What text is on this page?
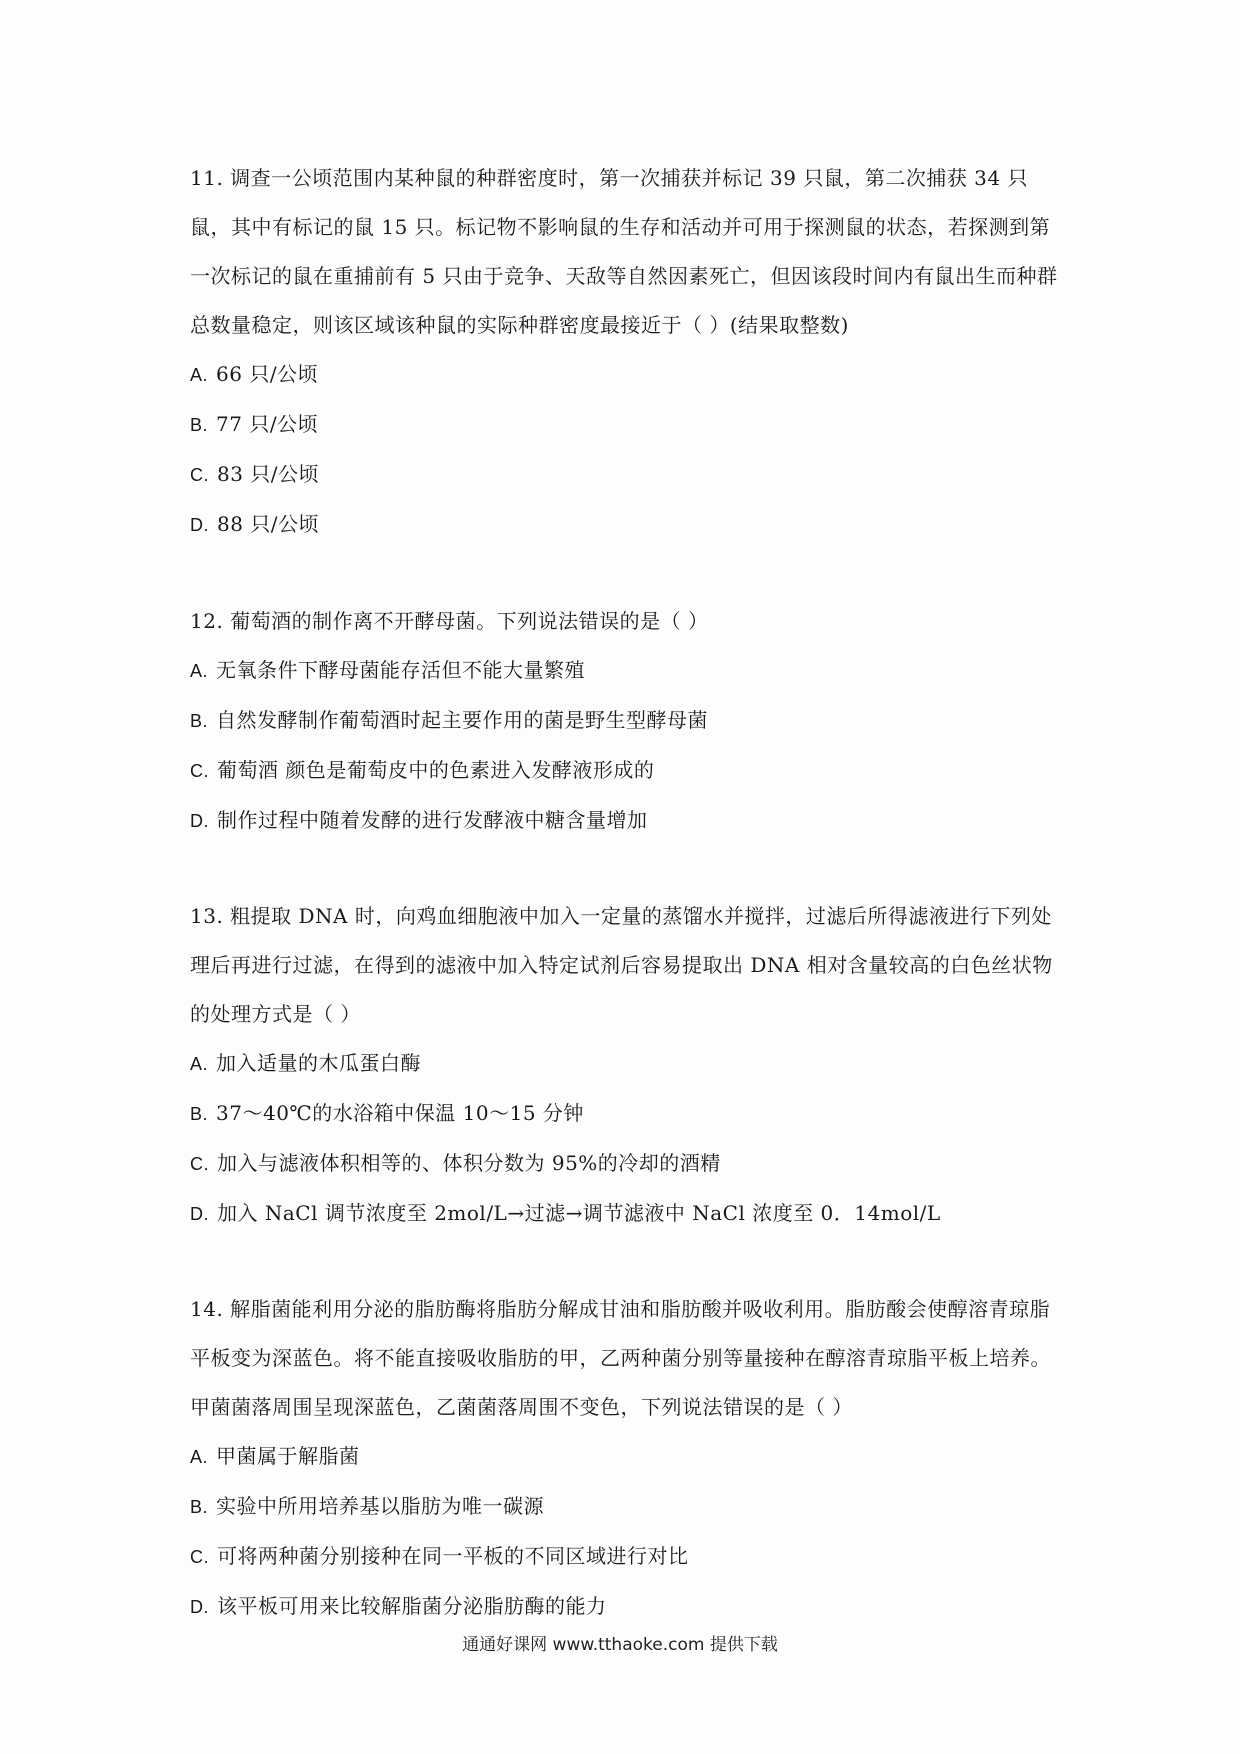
11. 调查一公顷范围内某种鼠的种群密度时，第一次捕获并标记 39 只鼠，第二次捕获 34 只鼠，其中有标记的鼠 15 只。标记物不影响鼠的生存和活动并可用于探测鼠的状态，若探测到第一次标记的鼠在重捕前有 5 只由于竞争、天敌等自然因素死亡，但因该段时间内有鼠出生而种群总数量稳定，则该区域该种鼠的实际种群密度最接近于（ ）(结果取整数)

A. 66 只/公顷
B. 77 只/公顷
C. 83 只/公顷
D. 88 只/公顷

12. 葡萄酒的制作离不开酵母菌。下列说法错误的是（ ）

A. 无氧条件下酵母菌能存活但不能大量繁殖
B. 自然发酵制作葡萄酒时起主要作用的菌是野生型酵母菌
C. 葡萄酒 颜色是葡萄皮中的色素进入发酵液形成的
D. 制作过程中随着发酵的进行发酵液中糖含量增加

13. 粗提取 DNA 时，向鸡血细胞液中加入一定量的蒸馏水并搅拌，过滤后所得滤液进行下列处理后再进行过滤，在得到的滤液中加入特定试剂后容易提取出 DNA 相对含量较高的白色丝状物的处理方式是（ ）

A. 加入适量的木瓜蛋白酶
B. 37～40℃的水浴箱中保温 10～15 分钟
C. 加入与滤液体积相等的、体积分数为 95%的冷却的酒精
D. 加入 NaCl 调节浓度至 2mol/L→过滤→调节滤液中 NaCl 浓度至 0．14mol/L

14. 解脂菌能利用分泌的脂肪酶将脂肪分解成甘油和脂肪酸并吸收利用。脂肪酸会使醇溶青琼脂平板变为深蓝色。将不能直接吸收脂肪的甲，乙两种菌分别等量接种在醇溶青琼脂平板上培养。甲菌菌落周围呈现深蓝色，乙菌菌落周围不变色，下列说法错误的是（ ）

A. 甲菌属于解脂菌
B. 实验中所用培养基以脂肪为唯一碳源
C. 可将两种菌分别接种在同一平板的不同区域进行对比
D. 该平板可用来比较解脂菌分泌脂肪酶的能力
通通好课网 www.tthaoke.com 提供下载
